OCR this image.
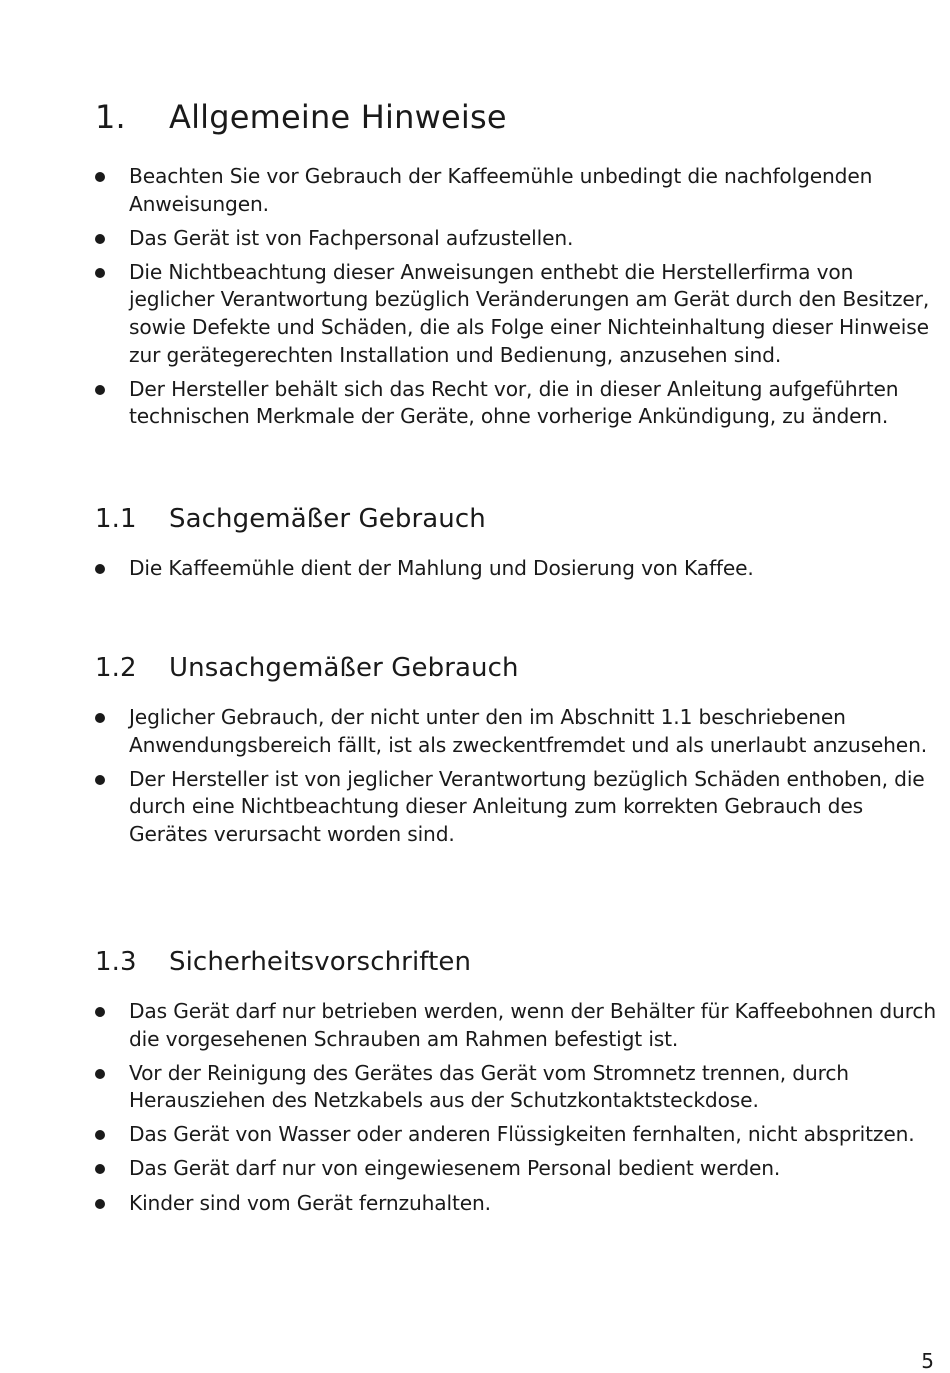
1.	Allgemeine Hinweise
Beachten Sie vor Gebrauch der Kaffeemühle unbedingt die nachfolgenden Anweisungen.
Das Gerät ist von Fachpersonal aufzustellen.
Die Nichtbeachtung dieser Anweisungen enthebt die Herstellerfirma von jeglicher Verantwortung bezüglich Veränderungen am Gerät durch den Besitzer, sowie Defekte und Schäden, die als Folge einer Nichteinhaltung dieser Hinweise zur gerätegerechten Installation und Bedienung, anzusehen sind.
Der Hersteller behält sich das Recht vor, die in dieser Anleitung aufgeführten technischen Merkmale der Geräte, ohne vorherige Ankündigung, zu ändern.
1.1	Sachgemäßer Gebrauch
Die Kaffeemühle dient der Mahlung und Dosierung von Kaffee.
1.2	Unsachgemäßer Gebrauch
Jeglicher Gebrauch, der nicht unter den im Abschnitt 1.1 beschriebenen Anwendungsbereich fällt, ist als zweckentfremdet und als unerlaubt anzusehen.
Der Hersteller ist von jeglicher Verantwortung bezüglich Schäden enthoben, die durch eine Nichtbeachtung dieser Anleitung zum korrekten Gebrauch des Gerätes verursacht worden sind.
1.3	Sicherheitsvorschriften
Das Gerät darf nur betrieben werden, wenn der Behälter für Kaffeebohnen durch die vorgesehenen Schrauben am Rahmen befestigt ist.
Vor der Reinigung des Gerätes das Gerät vom Stromnetz trennen, durch Herausziehen des Netzkabels aus der Schutzkontaktsteckdose.
Das Gerät von Wasser oder anderen Flüssigkeiten fernhalten, nicht abspritzen.
Das Gerät darf nur von eingewiesenem Personal bedient werden.
Kinder sind vom Gerät fernzuhalten.
5
